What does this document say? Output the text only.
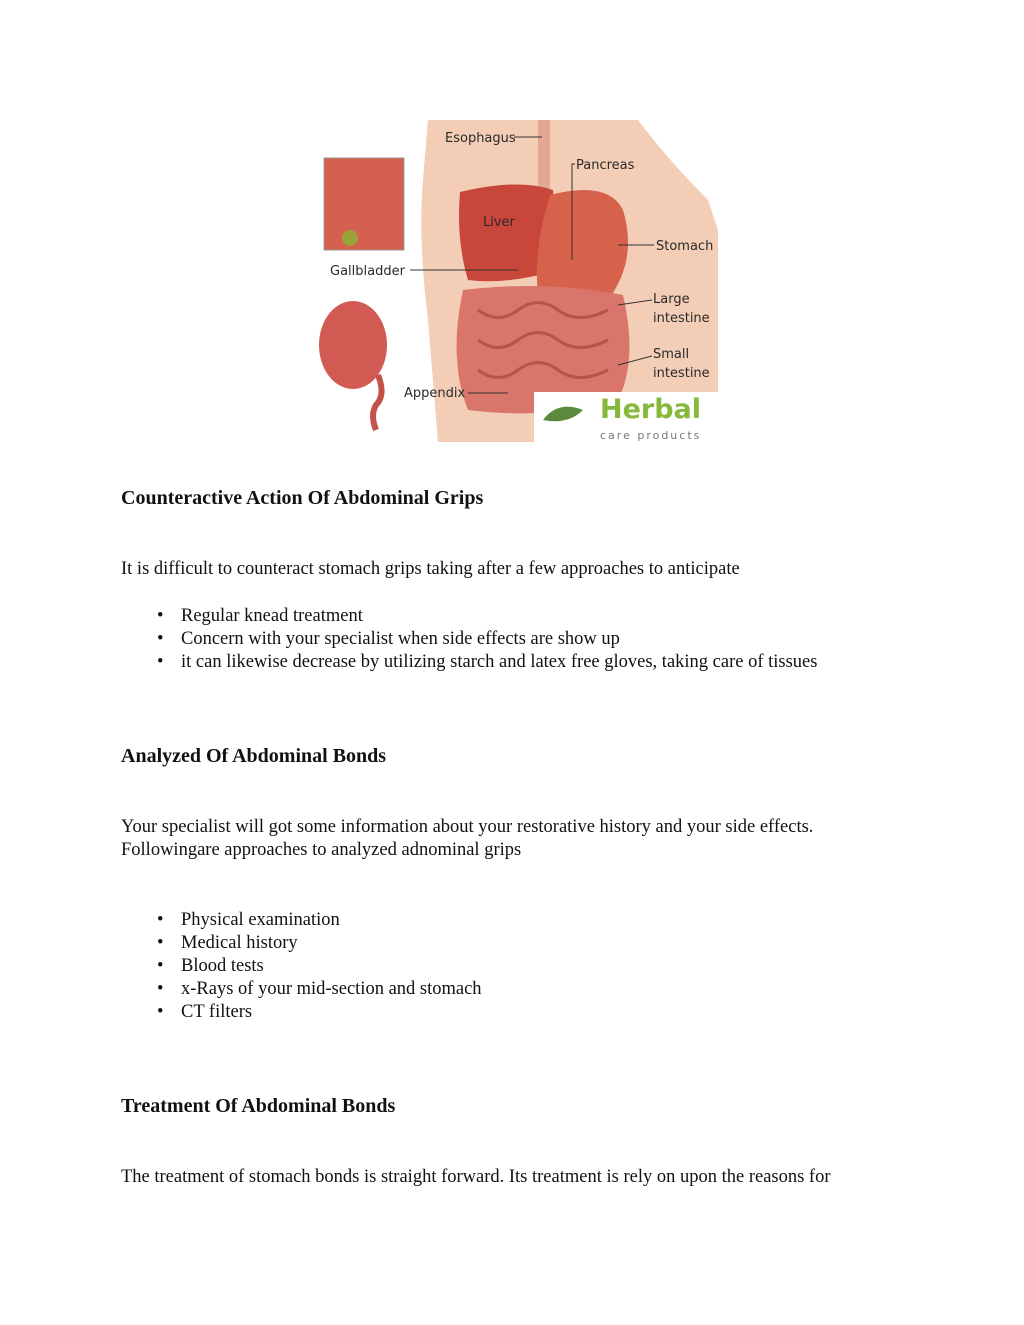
Esophagus
Pancreas
Liver
Stomach
Gallbladder
Large
intestine
Small
intestine
Appendix
Herbal
care products
Counteractive Action Of Abdominal Grips
It is difficult to counteract stomach grips taking after a few approaches to anticipate
• Regular knead treatment
• Concern with your specialist when side effects are show up
• it can likewise decrease by utilizing starch and latex free gloves, taking care of tissues
Analyzed Of Abdominal Bonds
Your specialist will got some information about your restorative history and your side effects.
Followingare approaches to analyzed adnominal grips
• Physical examination
• Medical history
• Blood tests
• x-Rays of your mid-section and stomach
• CT filters
Treatment Of Abdominal Bonds
The treatment of stomach bonds is straight forward. Its treatment is rely on upon the reasons for
